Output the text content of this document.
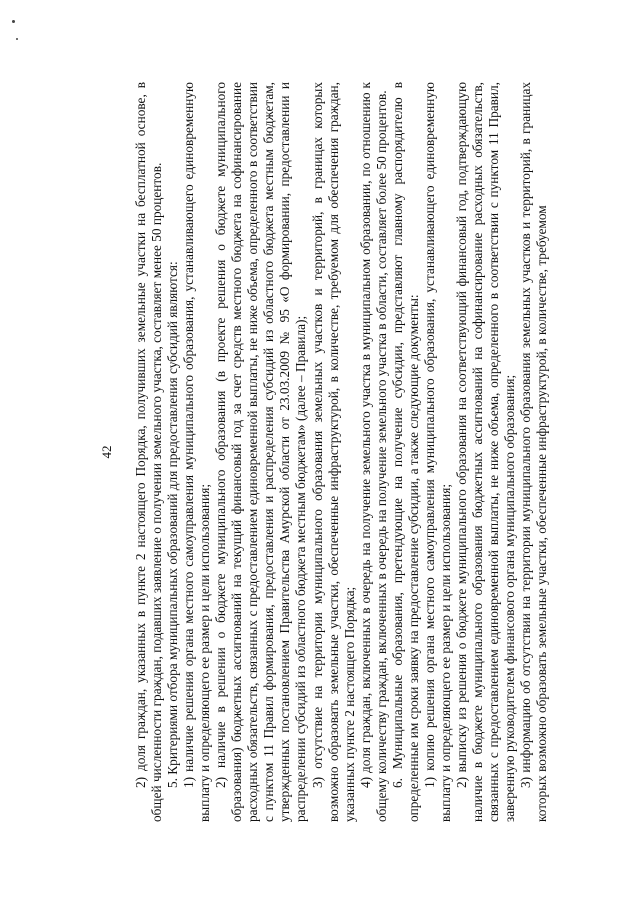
42 2) доля граждан, указанных в пункте 2 настоящего Порядка, получивших земельные участки на бесплатной основе, в общей численности граждан, подавших заявление о получении земельного участка, составляет менее 50 процентов. 5. Критериями отбора муниципальных образований для предоставления субсидий являются: 1) наличие решения органа местного самоуправления муниципального образования, устанавливающего единовременную выплату и определяющего ее размер и цели использования; 2) наличие в решении о бюджете муниципального образования (в проекте решения о бюджете муниципального образования) бюджетных ассигнований на текущий финансовый год за счет средств местного бюджета на софинансирование расходных обязательств, связанных с предоставлением единовременной выплаты, не ниже объема, определенного в соответствии с пунктом 11 Правил формирования, предоставления и распределения субсидий из областного бюджета местным бюджетам, утвержденных постановлением Правительства Амурской области от 23.03.2009 № 95 «О формировании, предоставлении и распределении субсидий из областного бюджета местным бюджетам» (далее – Правила); 3) отсутствие на территории муниципального образования земельных участков и территорий, в границах которых возможно образовать земельные участки, обеспеченные инфраструктурой, в количестве, требуемом для обеспечения граждан, указанных пункте 2 настоящего Порядка; 4) доля граждан, включенных в очередь на получение земельного участка в муниципальном образовании, по отношению к общему количеству граждан, включенных в очередь на получение земельного участка в области, составляет более 50 процентов. 6. Муниципальные образования, претендующие на получение субсидии, представляют главному распорядителю в определенные им сроки заявку на предоставление субсидии, а также следующие документы: 1) копию решения органа местного самоуправления муниципального образования, устанавливающего единовременную выплату и определяющего ее размер и цели использования; 2) выписку из решения о бюджете муниципального образования на соответствующий финансовый год, подтверждающую наличие в бюджете муниципального образования бюджетных ассигнований на софинансирование расходных обязательств, связанных с предоставлением единовременной выплаты, не ниже объема, определенного в соответствии с пунктом 11 Правил, заверенную руководителем финансового органа муниципального образования; 3) информацию об отсутствии на территории муниципального образования земельных участков и территорий, в границах которых возможно образовать земельные участки, обеспеченные инфраструктурой, в количестве, требуемом
